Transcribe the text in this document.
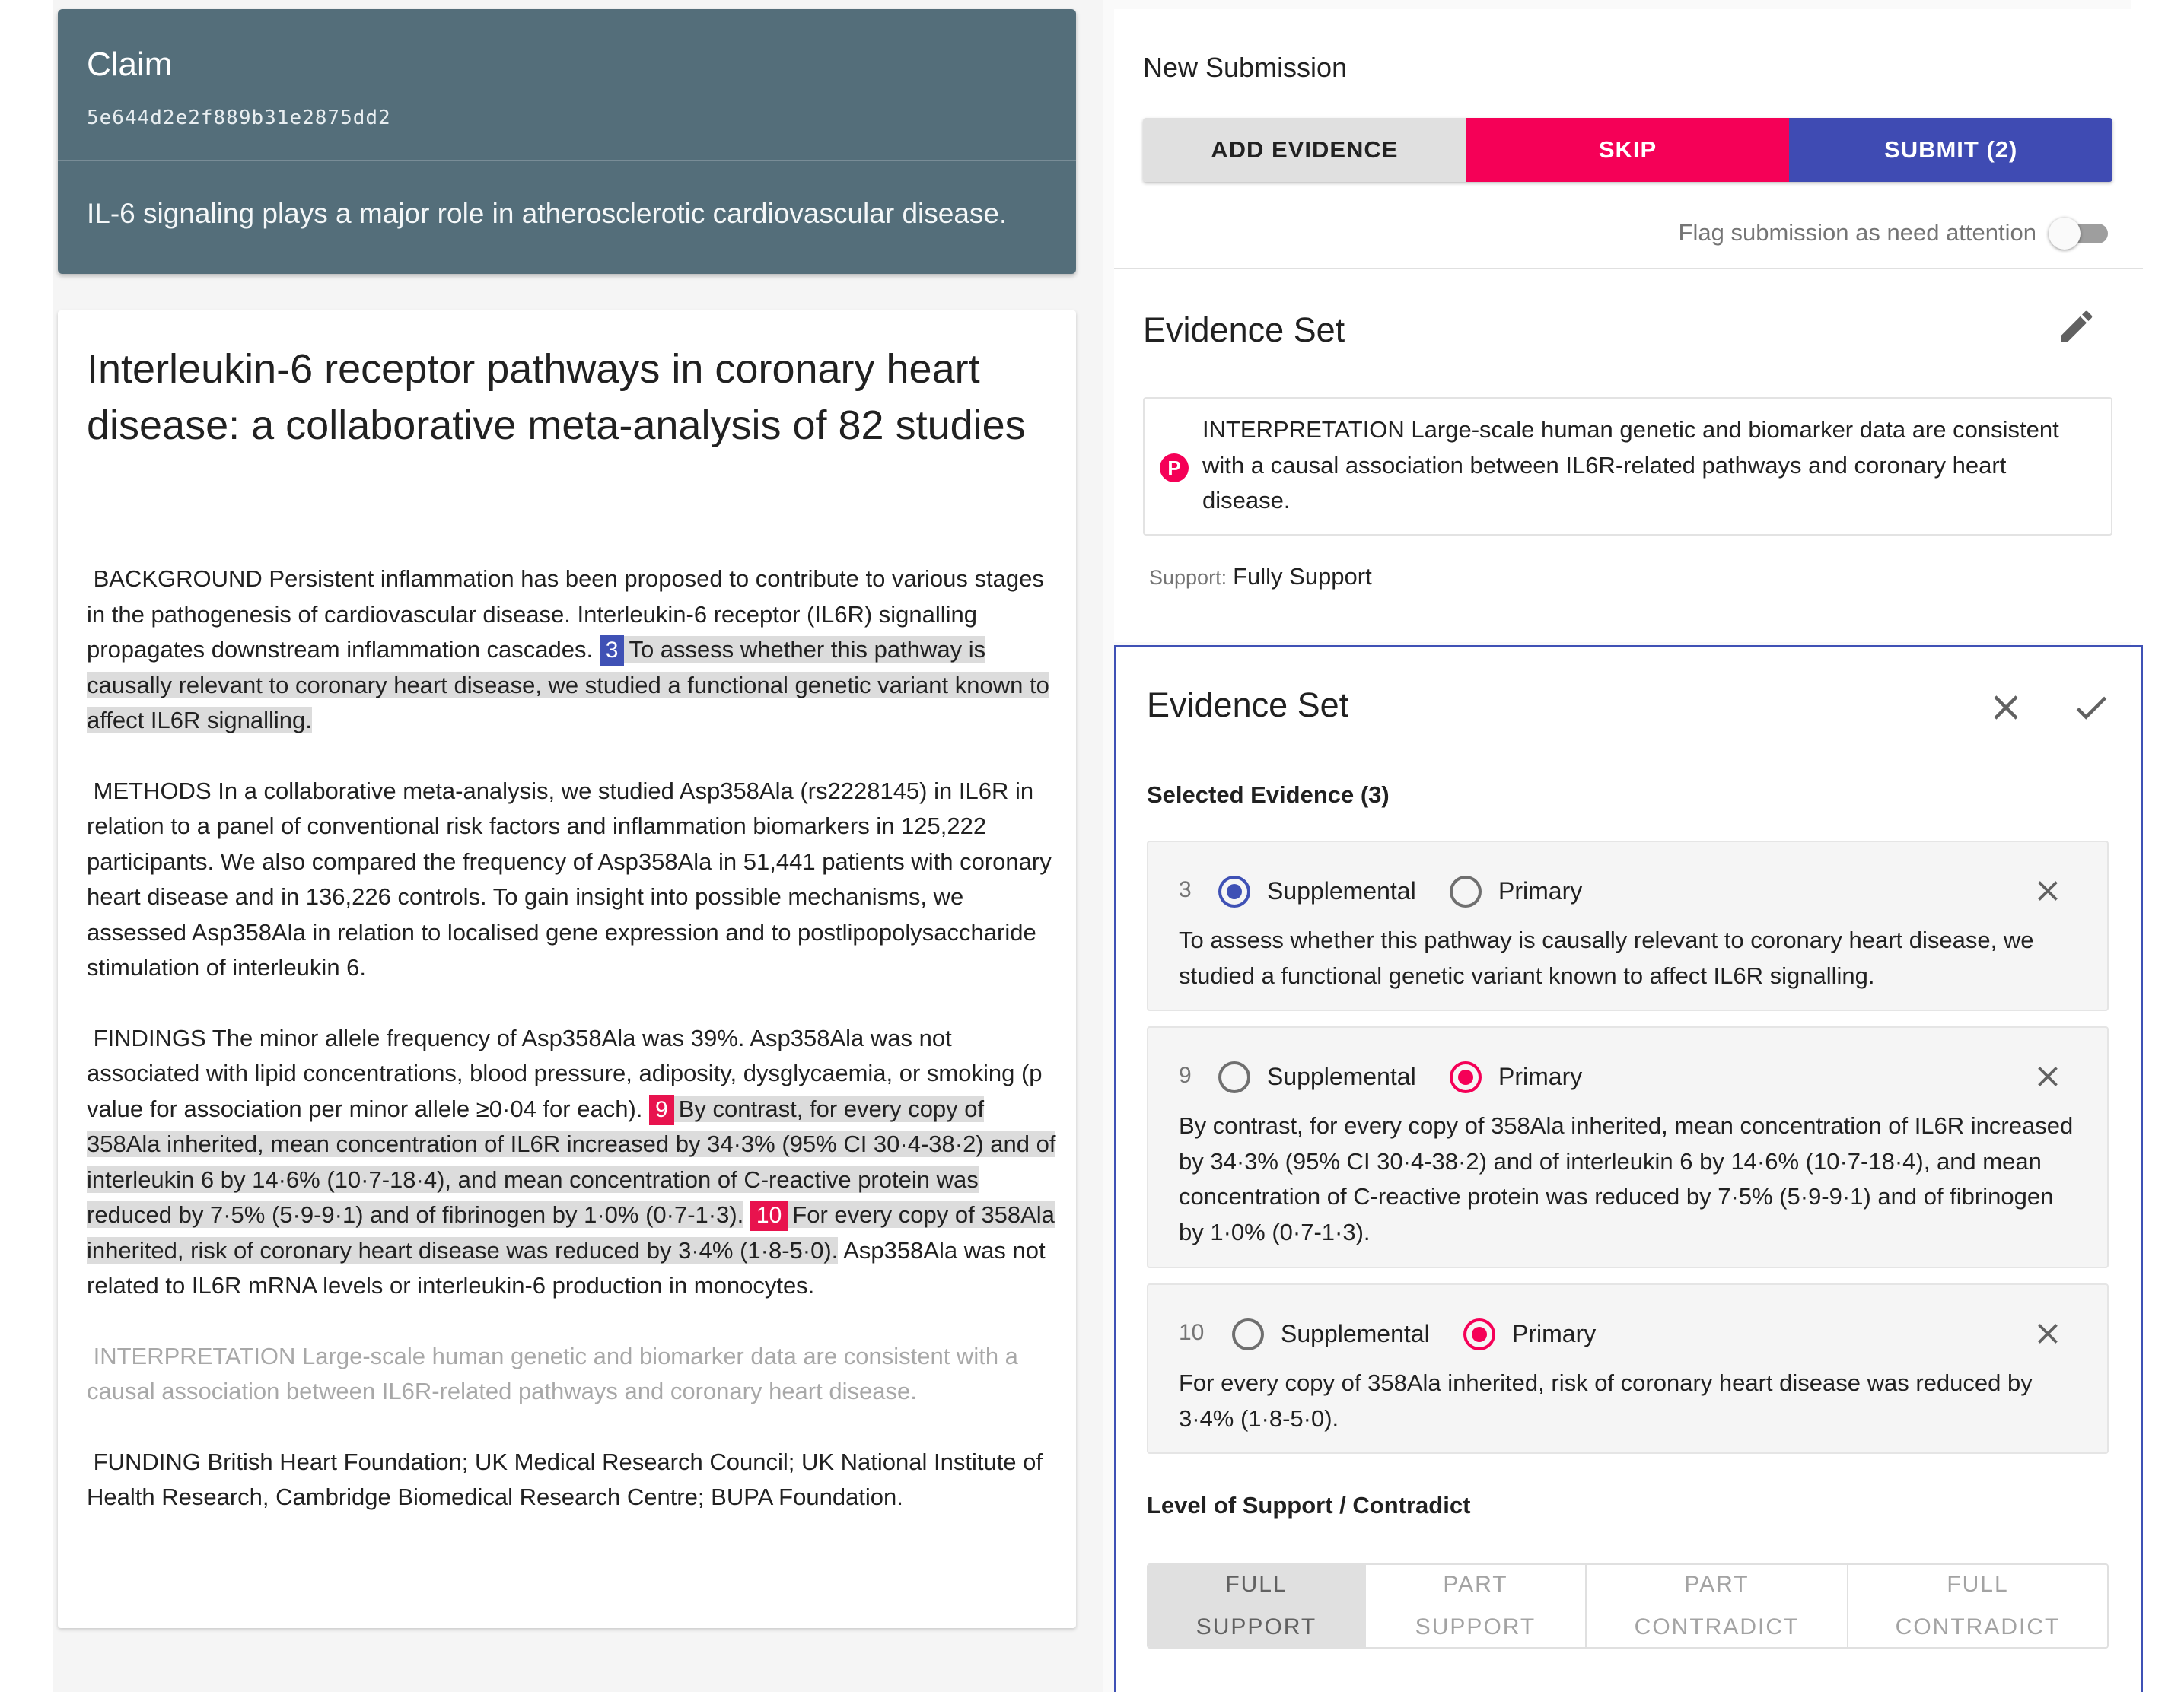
Claim
5e644d2e2f889b31e2875dd2
IL-6 signaling plays a major role in atherosclerotic cardiovascular disease.
Interleukin-6 receptor pathways in coronary heart disease: a collaborative meta-analysis of 82 studies

BACKGROUND Persistent inflammation has been proposed to contribute to various stages in the pathogenesis of cardiovascular disease. Interleukin-6 receptor (IL6R) signalling propagates downstream inflammation cascades. 3 To assess whether this pathway is causally relevant to coronary heart disease, we studied a functional genetic variant known to affect IL6R signalling.

METHODS In a collaborative meta-analysis, we studied Asp358Ala (rs2228145) in IL6R in relation to a panel of conventional risk factors and inflammation biomarkers in 125,222 participants. We also compared the frequency of Asp358Ala in 51,441 patients with coronary heart disease and in 136,226 controls. To gain insight into possible mechanisms, we assessed Asp358Ala in relation to localised gene expression and to postlipopolysaccharide stimulation of interleukin 6.

FINDINGS The minor allele frequency of Asp358Ala was 39%. Asp358Ala was not associated with lipid concentrations, blood pressure, adiposity, dysglycaemia, or smoking (p value for association per minor allele ≥0·04 for each). 9 By contrast, for every copy of 358Ala inherited, mean concentration of IL6R increased by 34·3% (95% CI 30·4-38·2) and of interleukin 6 by 14·6% (10·7-18·4), and mean concentration of C-reactive protein was reduced by 7·5% (5·9-9·1) and of fibrinogen by 1·0% (0·7-1·3). 10 For every copy of 358Ala inherited, risk of coronary heart disease was reduced by 3·4% (1·8-5·0). Asp358Ala was not related to IL6R mRNA levels or interleukin-6 production in monocytes.

INTERPRETATION Large-scale human genetic and biomarker data are consistent with a causal association between IL6R-related pathways and coronary heart disease.

FUNDING British Heart Foundation; UK Medical Research Council; UK National Institute of Health Research, Cambridge Biomedical Research Centre; BUPA Foundation.

New Submission
ADD EVIDENCE	SKIP	SUBMIT (2)
Flag submission as need attention
Evidence Set
P
INTERPRETATION Large-scale human genetic and biomarker data are consistent with a causal association between IL6R-related pathways and coronary heart disease.
Support: Fully Support
Evidence Set
Selected Evidence (3)
3	Supplemental	Primary
To assess whether this pathway is causally relevant to coronary heart disease, we studied a functional genetic variant known to affect IL6R signalling.
9	Supplemental	Primary
By contrast, for every copy of 358Ala inherited, mean concentration of IL6R increased by 34·3% (95% CI 30·4-38·2) and of interleukin 6 by 14·6% (10·7-18·4), and mean concentration of C-reactive protein was reduced by 7·5% (5·9-9·1) and of fibrinogen by 1·0% (0·7-1·3).
10	Supplemental	Primary
For every copy of 358Ala inherited, risk of coronary heart disease was reduced by 3·4% (1·8-5·0).
Level of Support / Contradict
FULL
SUPPORT
PART
SUPPORT
PART
CONTRADICT
FULL
CONTRADICT
